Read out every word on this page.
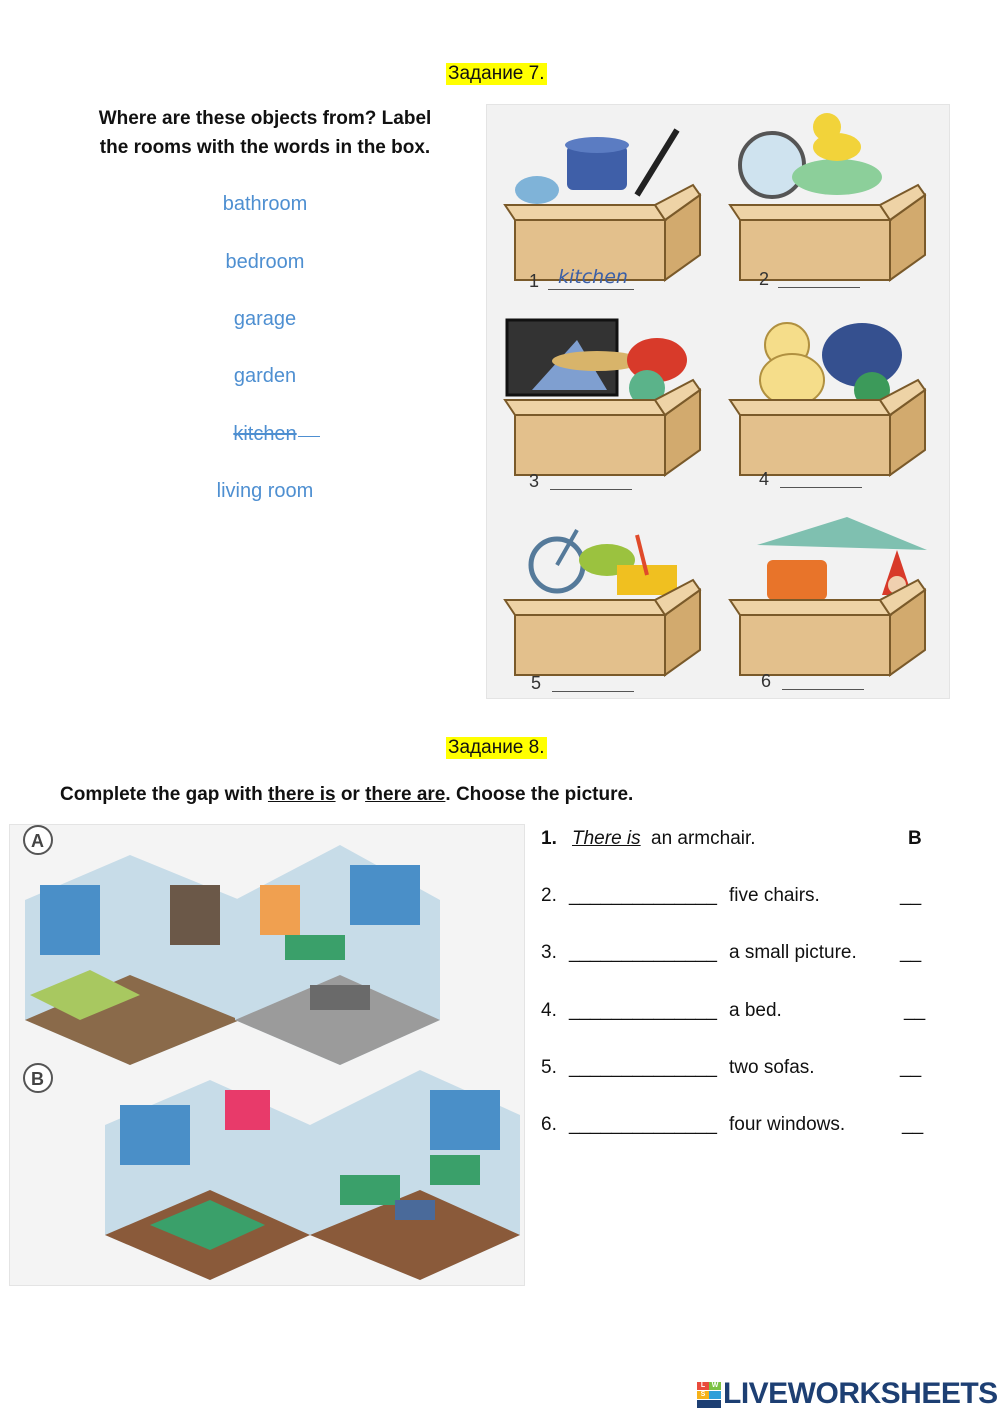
Задание 7.
Where are these objects from? Label
the rooms with the words in the box.
bathroom
bedroom
garage
garden
kitchen
living room
1	2
3	4
5	6
kitchen
Задание 8.
Complete the gap with there is or there are. Choose the picture.
A
B
1. There is an armchair.	B
2. ______________ five chairs.	__
3. ______________ a small picture. __
4. ______________ a bed.	__
5. ______________ two sofas.	__
6. ______________ four windows.	__
L W
S LIVEWORKSHEETS
